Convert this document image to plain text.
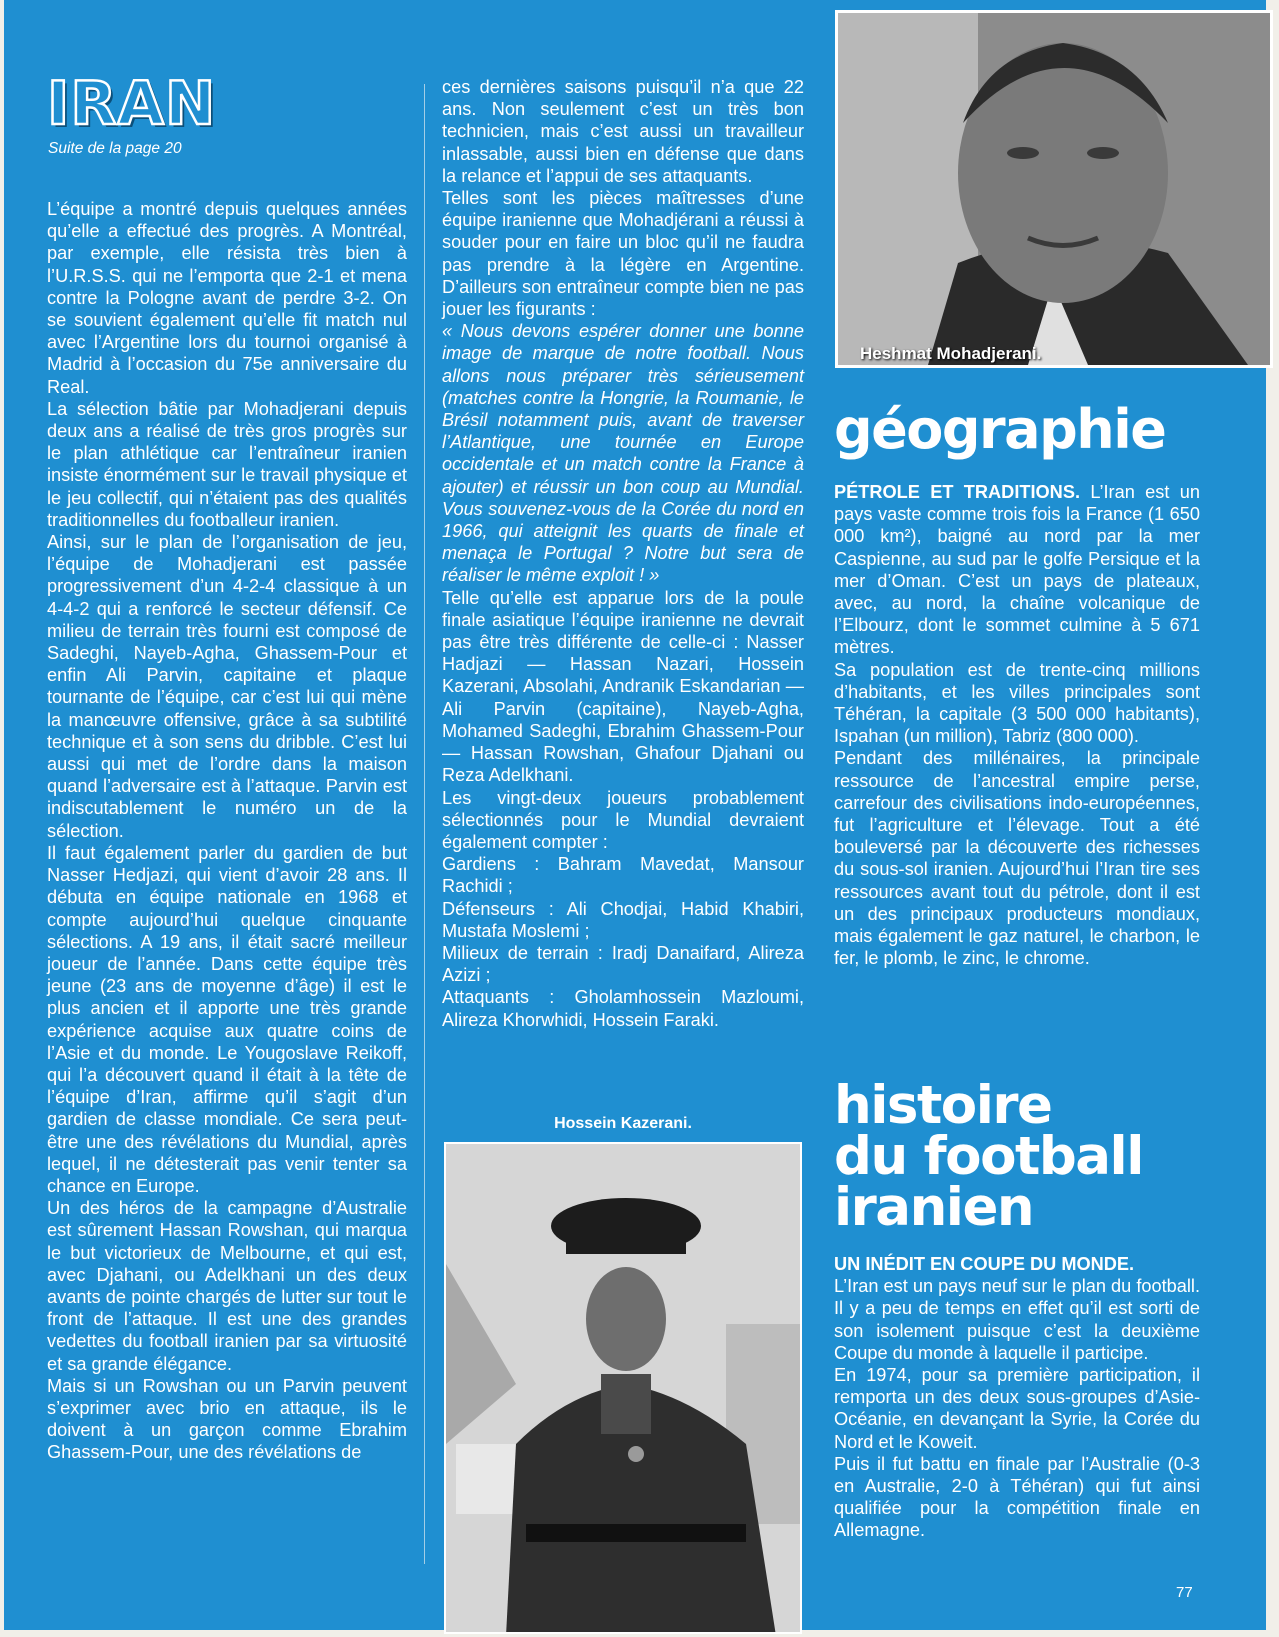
IRAN
Suite de la page 20

L’équipe a montré depuis quelques années qu’elle a effectué des progrès. A Montréal, par exemple, elle résista très bien à l’U.R.S.S. qui ne l’emporta que 2-1 et mena contre la Pologne avant de perdre 3-2. On se souvient également qu’elle fit match nul avec l’Argentine lors du tournoi organisé à Madrid à l’occasion du 75e anniversaire du Real.

La sélection bâtie par Mohadjerani depuis deux ans a réalisé de très gros progrès sur le plan athlétique car l’entraîneur iranien insiste énormément sur le travail physique et le jeu collectif, qui n’étaient pas des qualités traditionnelles du footballeur iranien.

Ainsi, sur le plan de l’organisation de jeu, l’équipe de Mohadjerani est passée progressivement d’un 4-2-4 classique à un 4-4-2 qui a renforcé le secteur défensif. Ce milieu de terrain très fourni est composé de Sadeghi, Nayeb-Agha, Ghassem-Pour et enfin Ali Parvin, capitaine et plaque tournante de l’équipe, car c’est lui qui mène la manœuvre offensive, grâce à sa subtilité technique et à son sens du dribble. C’est lui aussi qui met de l’ordre dans la maison quand l’adversaire est à l’attaque. Parvin est indiscutablement le numéro un de la sélection.

Il faut également parler du gardien de but Nasser Hedjazi, qui vient d’avoir 28 ans. Il débuta en équipe nationale en 1968 et compte aujourd’hui quelque cinquante sélections. A 19 ans, il était sacré meilleur joueur de l’année. Dans cette équipe très jeune (23 ans de moyenne d’âge) il est le plus ancien et il apporte une très grande expérience acquise aux quatre coins de l’Asie et du monde. Le Yougoslave Reikoff, qui l’a découvert quand il était à la tête de l’équipe d’Iran, affirme qu’il s’agit d’un gardien de classe mondiale. Ce sera peut-être une des révélations du Mundial, après lequel, il ne détesterait pas venir tenter sa chance en Europe.

Un des héros de la campagne d’Australie est sûrement Hassan Rowshan, qui marqua le but victorieux de Melbourne, et qui est, avec Djahani, ou Adelkhani un des deux avants de pointe chargés de lutter sur tout le front de l’attaque. Il est une des grandes vedettes du football iranien par sa virtuosité et sa grande élégance.

Mais si un Rowshan ou un Parvin peuvent s’exprimer avec brio en attaque, ils le doivent à un garçon comme Ebrahim Ghassem-Pour, une des révélations de

ces dernières saisons puisqu’il n’a que 22 ans. Non seulement c’est un très bon technicien, mais c’est aussi un travailleur inlassable, aussi bien en défense que dans la relance et l’appui de ses attaquants.

Telles sont les pièces maîtresses d’une équipe iranienne que Mohadjérani a réussi à souder pour en faire un bloc qu’il ne faudra pas prendre à la légère en Argentine. D’ailleurs son entraîneur compte bien ne pas jouer les figurants :

« Nous devons espérer donner une bonne image de marque de notre football. Nous allons nous préparer très sérieusement (matches contre la Hongrie, la Roumanie, le Brésil notamment puis, avant de traverser l’Atlantique, une tournée en Europe occidentale et un match contre la France à ajouter) et réussir un bon coup au Mundial. Vous souvenez-vous de la Corée du nord en 1966, qui atteignit les quarts de finale et menaça le Portugal ? Notre but sera de réaliser le même exploit ! »

Telle qu’elle est apparue lors de la poule finale asiatique l’équipe iranienne ne devrait pas être très différente de celle-ci : Nasser Hadjazi — Hassan Nazari, Hossein Kazerani, Absolahi, Andranik Eskandarian — Ali Parvin (capitaine), Nayeb-Agha, Mohamed Sadeghi, Ebrahim Ghassem-Pour — Hassan Rowshan, Ghafour Djahani ou Reza Adelkhani.

Les vingt-deux joueurs probablement sélectionnés pour le Mundial devraient également compter :

Gardiens : Bahram Mavedat, Mansour Rachidi ;

Défenseurs : Ali Chodjai, Habid Khabiri, Mustafa Moslemi ;

Milieux de terrain : Iradj Danaifard, Alireza Azizi ;

Attaquants : Gholamhossein Mazloumi, Alireza Khorwhidi, Hossein Faraki.

Hossein Kazerani.
Heshmat Mohadjerani.
géographie

PÉTROLE ET TRADITIONS. L’Iran est un pays vaste comme trois fois la France (1 650 000 km²), baigné au nord par la mer Caspienne, au sud par le golfe Persique et la mer d’Oman. C’est un pays de plateaux, avec, au nord, la chaîne volcanique de l’Elbourz, dont le sommet culmine à 5 671 mètres.

Sa population est de trente-cinq millions d’habitants, et les villes principales sont Téhéran, la capitale (3 500 000 habitants), Ispahan (un million), Tabriz (800 000).

Pendant des millénaires, la principale ressource de l’ancestral empire perse, carrefour des civilisations indo-européennes, fut l’agriculture et l’élevage. Tout a été bouleversé par la découverte des richesses du sous-sol iranien. Aujourd’hui l’Iran tire ses ressources avant tout du pétrole, dont il est un des principaux producteurs mondiaux, mais également le gaz naturel, le charbon, le fer, le plomb, le zinc, le chrome.

histoire
du football
iranien

UN INÉDIT EN COUPE DU MONDE.

L’Iran est un pays neuf sur le plan du football. Il y a peu de temps en effet qu’il est sorti de son isolement puisque c’est la deuxième Coupe du monde à laquelle il participe.

En 1974, pour sa première participation, il remporta un des deux sous-groupes d’Asie-Océanie, en devançant la Syrie, la Corée du Nord et le Koweit.

Puis il fut battu en finale par l’Australie (0-3 en Australie, 2-0 à Téhéran) qui fut ainsi qualifiée pour la compétition finale en Allemagne.

77
